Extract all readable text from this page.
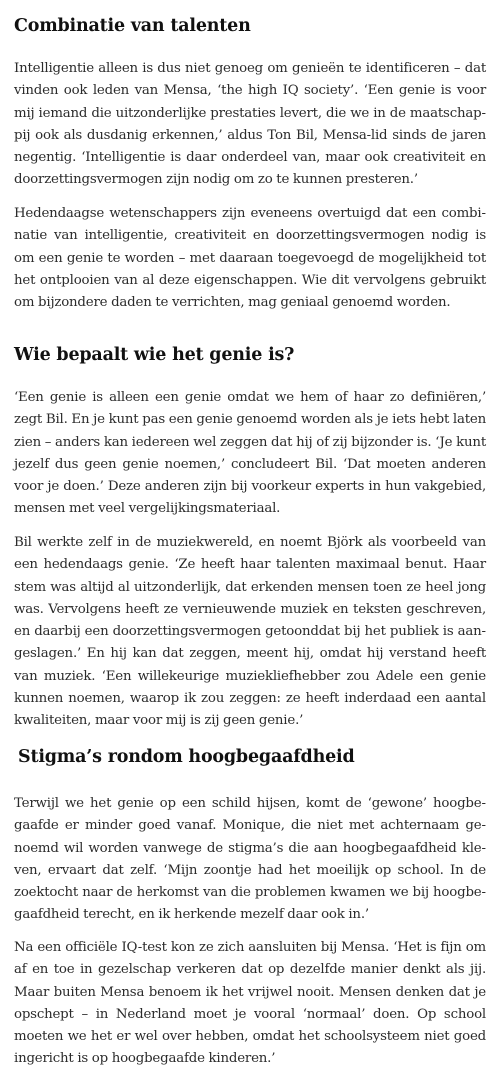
Combinatie van talenten

Intelligentie alleen is dus niet genoeg om genieën te identificeren – dat vinden ook leden van Mensa, ‘the high IQ society’. ‘Een genie is voor mij iemand die uitzonderlijke prestaties levert, die we in de maatschappij ook als dusdanig erkennen,’ aldus Ton Bil, Mensa-lid sinds de jaren negentig. ‘Intelligentie is daar onderdeel van, maar ook creativiteit en doorzettingsvermogen zijn nodig om zo te kunnen presteren.’

Hedendaagse wetenschappers zijn eveneens overtuigd dat een combinatie van intelligentie, creativiteit en doorzettingsvermogen nodig is om een genie te worden – met daaraan toegevoegd de mogelijkheid tot het ontplooien van al deze eigenschappen. Wie dit vervolgens gebruikt om bijzondere daden te verrichten, mag geniaal genoemd worden.

Wie bepaalt wie het genie is?

‘Een genie is alleen een genie omdat we hem of haar zo definiëren,’ zegt Bil. En je kunt pas een genie genoemd worden als je iets hebt laten zien – anders kan iedereen wel zeggen dat hij of zij bijzonder is. ‘Je kunt jezelf dus geen genie noemen,’ concludeert Bil. ‘Dat moeten anderen voor je doen.’ Deze anderen zijn bij voorkeur experts in hun vakgebied, mensen met veel vergelijkingsmateriaal.

Bil werkte zelf in de muziekwereld, en noemt Björk als voorbeeld van een hedendaags genie. ‘Ze heeft haar talenten maximaal benut. Haar stem was altijd al uitzonderlijk, dat erkenden mensen toen ze heel jong was. Vervolgens heeft ze vernieuwende muziek en teksten geschreven, en daarbij een doorzettingsvermogen getoonddat bij het publiek is aangeslagen.’ En hij kan dat zeggen, meent hij, omdat hij verstand heeft van muziek. ‘Een willekeurige muziekliefhebber zou Adele een genie kunnen noemen, waarop ik zou zeggen: ze heeft inderdaad een aantal kwaliteiten, maar voor mij is zij geen genie.’

Stigma’s rondom hoogbegaafdheid

Terwijl we het genie op een schild hijsen, komt de ‘gewone’ hoogbegaafde er minder goed vanaf. Monique, die niet met achternaam genoemd wil worden vanwege de stigma’s die aan hoogbegaafdheid kleven, ervaart dat zelf. ‘Mijn zoontje had het moeilijk op school. In de zoektocht naar de herkomst van die problemen kwamen we bij hoogbegaafdheid terecht, en ik herkende mezelf daar ook in.’

Na een officiële IQ-test kon ze zich aansluiten bij Mensa. ‘Het is fijn om af en toe in gezelschap verkeren dat op dezelfde manier denkt als jij. Maar buiten Mensa benoem ik het vrijwel nooit. Mensen denken dat je opschept – in Nederland moet je vooral ‘normaal’ doen. Op school moeten we het er wel over hebben, omdat het schoolsysteem niet goed ingericht is op hoogbegaafde kinderen.’
